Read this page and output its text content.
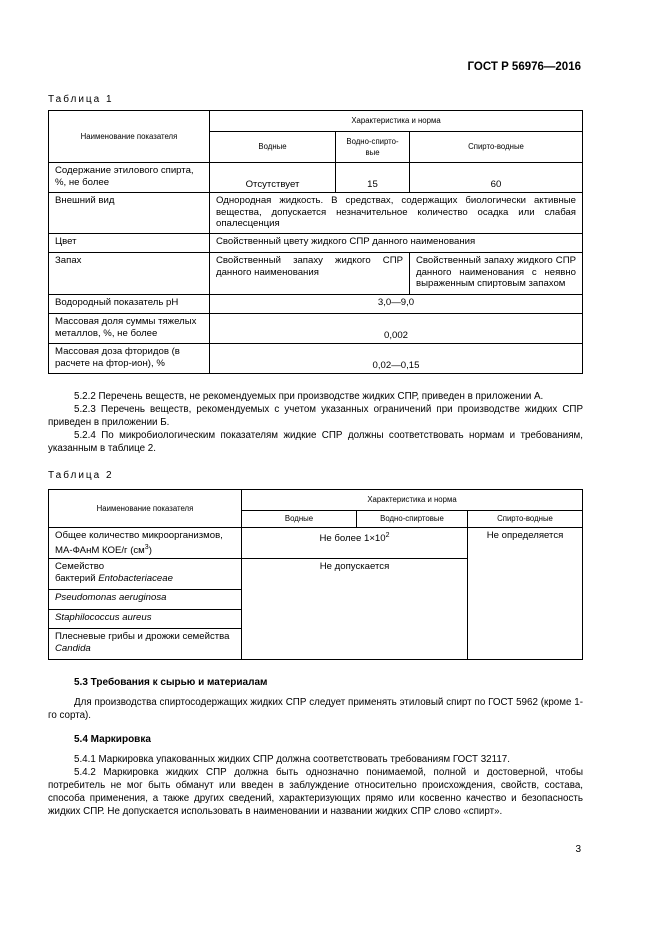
ГОСТ Р 56976—2016
Таблица 1
Наименование показателя	Характеристика и норма		
	Водные	Водно-спирто-вые	Спирто-водные
Содержание этилового спирта, %, не более	Отсутствует	15	60
Внешний вид	Однородная жидкость. В средствах, содержащих биологически активные вещества, допускается незначительное количество осадка или слабая опалесценция		
Цвет	Свойственный цвету жидкого СПР данного наименования		
Запах	Свойственный запаху жидкого СПР данного наименования		Свойственный запаху жидкого СПР данного наименования с неявно выраженным спиртовым запахом
Водородный показатель pH	3,0—9,0		
Массовая доля суммы тяжелых металлов, %, не более	0,002		
Массовая доза фторидов (в расчете на фтор-ион), %	0,02—0,15		

5.2.2 Перечень веществ, не рекомендуемых при производстве жидких СПР, приведен в приложении А.

5.2.3 Перечень веществ, рекомендуемых с учетом указанных ограничений при производстве жидких СПР приведен в приложении Б.

5.2.4 По микробиологическим показателям жидкие СПР должны соответствовать нормам и требованиям, указанным в таблице 2.

Таблица 2
Наименование показателя	Характеристика и норма		
	Водные	Водно-спиртовые	Спирто-водные
Общее количество микроорганизмов, МА-ФАнМ КОЕ/г $(см^3)$	Не более $1\times 10^2$		Не определяется
Семейство
бактерий Entobacteriaceae	Не допускается		
Pseudomonas aeruginosa			
Staphilococcus aureus			
Плесневые грибы и дрожжи семейства
Candida			
5.3 Требования к сырью и материалам

Для производства спиртосодержащих жидких СПР следует применять этиловый спирт по ГОСТ 5962 (кроме 1-го сорта).

5.4 Маркировка

5.4.1 Маркировка упакованных жидких СПР должна соответствовать требованиям ГОСТ 32117.

5.4.2 Маркировка жидких СПР должна быть однозначно понимаемой, полной и достоверной, чтобы потребитель не мог быть обманут или введен в заблуждение относительно происхождения, свойств, состава, способа применения, а также других сведений, характеризующих прямо или косвенно качество и безопасность жидких СПР. Не допускается использовать в наименовании и названии жидких СПР слово «спирт».

3
